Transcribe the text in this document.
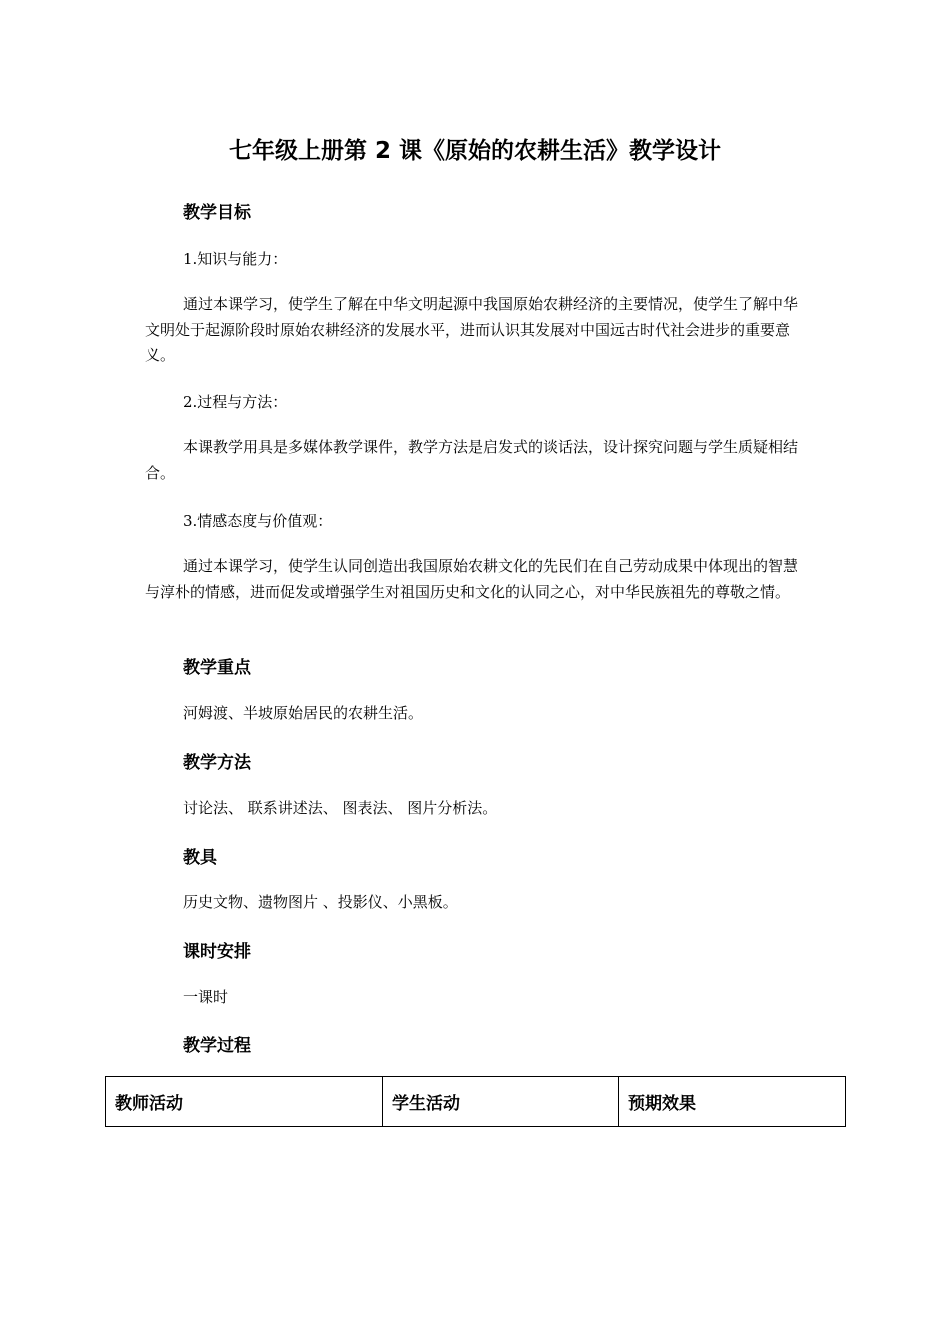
七年级上册第 2 课《原始的农耕生活》教学设计
教学目标
1.知识与能力：
通过本课学习，使学生了解在中华文明起源中我国原始农耕经济的主要情况，使学生了解中华文明处于起源阶段时原始农耕经济的发展水平，进而认识其发展对中国远古时代社会进步的重要意义。
2.过程与方法：
本课教学用具是多媒体教学课件，教学方法是启发式的谈话法，设计探究问题与学生质疑相结合。
3.情感态度与价值观：
通过本课学习，使学生认同创造出我国原始农耕文化的先民们在自己劳动成果中体现出的智慧与淳朴的情感，进而促发或增强学生对祖国历史和文化的认同之心，对中华民族祖先的尊敬之情。
教学重点
河姆渡、半坡原始居民的农耕生活。
教学方法
讨论法、 联系讲述法、 图表法、 图片分析法。
教具
历史文物、遗物图片 、投影仪、小黑板。
课时安排
一课时
教学过程
教师活动	学生活动	预期效果
